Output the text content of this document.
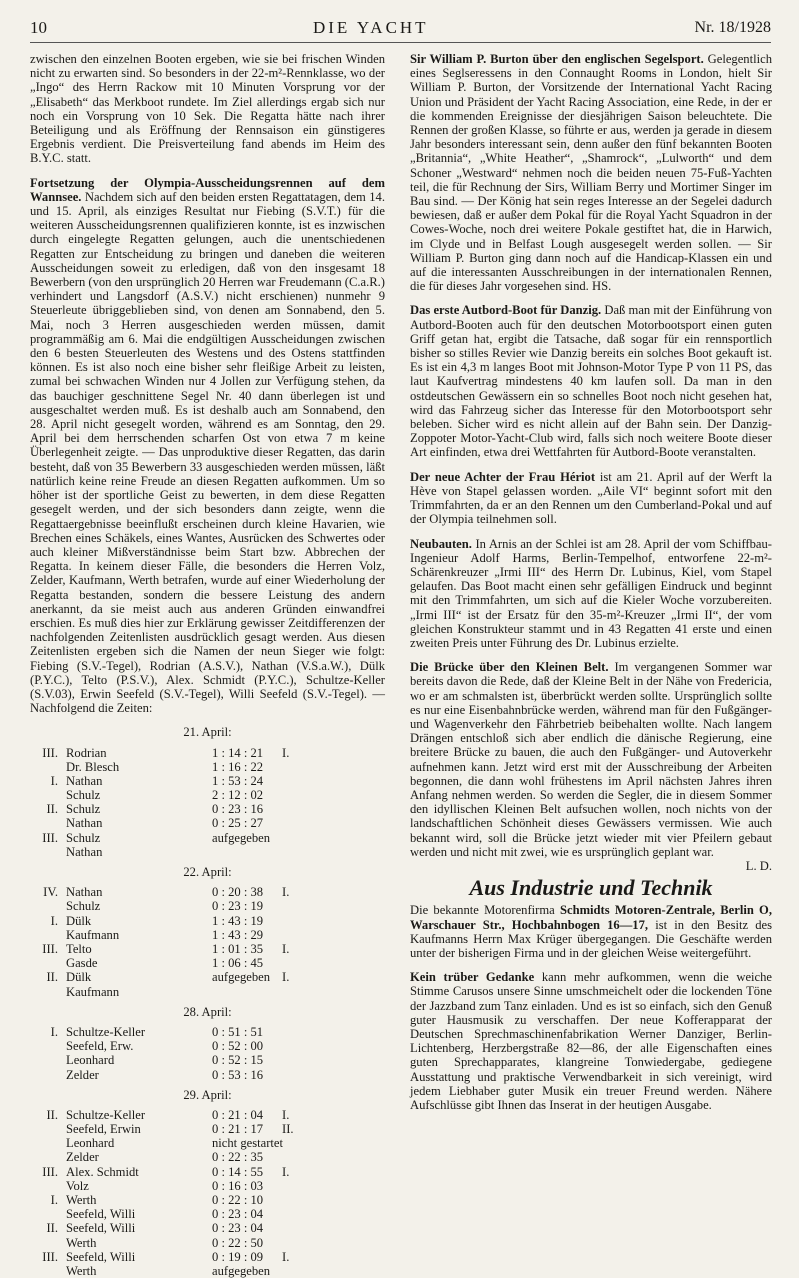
10	DIE YACHT	Nr. 18/1928

zwischen den einzelnen Booten ergeben, wie sie bei frischen Winden nicht zu erwarten sind. So besonders in der 22-m²-Rennklasse, wo der „Ingo“ des Herrn Rackow mit 10 Minuten Vorsprung vor der „Elisabeth“ das Merkboot rundete. Im Ziel allerdings ergab sich nur noch ein Vorsprung von 10 Sek. Die Regatta hätte nach ihrer Beteiligung und als Eröffnung der Rennsaison ein günstigeres Ergebnis verdient. Die Preisverteilung fand abends im Heim des B.Y.C. statt.

Fortsetzung der Olympia-Ausscheidungsrennen auf dem Wannsee. Nachdem sich auf den beiden ersten Regattatagen, dem 14. und 15. April, als einziges Resultat nur Fiebing (S.V.T.) für die weiteren Ausscheidungsrennen qualifizieren konnte, ist es inzwischen durch eingelegte Regatten gelungen, auch die unentschiedenen Regatten zur Entscheidung zu bringen und daneben die weiteren Ausscheidungen soweit zu erledigen, daß von den insgesamt 18 Bewerbern (von den ursprünglich 20 Herren war Freudemann (C.a.R.) verhindert und Langsdorf (A.S.V.) nicht erschienen) nunmehr 9 Steuerleute übriggeblieben sind, von denen am Sonnabend, den 5. Mai, noch 3 Herren ausgeschieden werden müssen, damit programmäßig am 6. Mai die endgültigen Ausscheidungen zwischen den 6 besten Steuerleuten des Westens und des Ostens stattfinden können. Es ist also noch eine bisher sehr fleißige Arbeit zu leisten, zumal bei schwachen Winden nur 4 Jollen zur Verfügung stehen, da das bauchiger geschnittene Segel Nr. 40 dann überlegen ist und ausgeschaltet werden muß. Es ist deshalb auch am Sonnabend, den 28. April nicht gesegelt worden, während es am Sonntag, den 29. April bei dem herrschenden scharfen Ost von etwa 7 m keine Überlegenheit zeigte. — Das unproduktive dieser Regatten, das darin besteht, daß von 35 Bewerbern 33 ausgeschieden werden müssen, läßt natürlich keine reine Freude an diesen Regatten aufkommen. Um so höher ist der sportliche Geist zu bewerten, in dem diese Regatten gesegelt werden, und der sich besonders dann zeigte, wenn die Regattaergebnisse beeinflußt erscheinen durch kleine Havarien, wie Brechen eines Schäkels, eines Wantes, Ausrücken des Schwertes oder auch kleiner Mißverständnisse beim Start bzw. Abbrechen der Regatta. In keinem dieser Fälle, die besonders die Herren Volz, Zelder, Kaufmann, Werth betrafen, wurde auf einer Wiederholung der Regatta bestanden, sondern die bessere Leistung des andern anerkannt, da sie meist auch aus anderen Gründen einwandfrei erschien. Es muß dies hier zur Erklärung gewisser Zeitdifferenzen der nachfolgenden Zeitenlisten ausdrücklich gesagt werden. Aus diesen Zeitenlisten ergeben sich die Namen der neun Sieger wie folgt: Fiebing (S.V.-Tegel), Rodrian (A.S.V.), Nathan (V.S.a.W.), Dülk (P.Y.C.), Telto (P.S.V.), Alex. Schmidt (P.Y.C.), Schultze-Keller (S.V.03), Erwin Seefeld (S.V.-Tegel), Willi Seefeld (S.V.-Tegel). — Nachfolgend die Zeiten:

21. April:
III. Rodrian	1 : 14 : 21	I.
Dr. Blesch	1 : 16 : 22
I. Nathan	1 : 53 : 24
Schulz	2 : 12 : 02
II. Schulz	0 : 23 : 16
Nathan	0 : 25 : 27
III. Schulz	aufgegeben
Nathan
22. April:
IV. Nathan	0 : 20 : 38	I.
Schulz	0 : 23 : 19
I. Dülk	1 : 43 : 19
Kaufmann	1 : 43 : 29
III. Telto	1 : 01 : 35	I.
Gasde	1 : 06 : 45
II. Dülk	aufgegeben I.
Kaufmann
28. April:
I. Schultze-Keller	0 : 51 : 51
Seefeld, Erw.	0 : 52 : 00
Leonhard	0 : 52 : 15
Zelder	0 : 53 : 16
29. April:
II. Schultze-Keller	0 : 21 : 04	I.
Seefeld, Erwin	0 : 21 : 17	II.
Leonhard	nicht gestartet
Zelder	0 : 22 : 35
III. Alex. Schmidt	0 : 14 : 55	I.
Volz	0 : 16 : 03
I. Werth	0 : 22 : 10
Seefeld, Willi	0 : 23 : 04
II. Seefeld, Willi	0 : 23 : 04
Werth	0 : 22 : 50
III. Seefeld, Willi	0 : 19 : 09	I.
Werth	aufgegeben

Sir William P. Burton über den englischen Segelsport. Gelegentlich eines Seglseressens in den Connaught Rooms in London, hielt Sir William P. Burton, der Vorsitzende der International Yacht Racing Union und Präsident der Yacht Racing Association, eine Rede, in der er die kommenden Ereignisse der diesjährigen Saison beleuchtete. Die Rennen der großen Klasse, so führte er aus, werden ja gerade in diesem Jahr besonders interessant sein, denn außer den fünf bekannten Booten „Britannia“, „White Heather“, „Shamrock“, „Lulworth“ und dem Schoner „Westward“ nehmen noch die beiden neuen 75-Fuß-Yachten teil, die für Rechnung der Sirs, William Berry und Mortimer Singer im Bau sind. — Der König hat sein reges Interesse an der Segelei dadurch bewiesen, daß er außer dem Pokal für die Royal Yacht Squadron in der Cowes-Woche, noch drei weitere Pokale gestiftet hat, die in Harwich, im Clyde und in Belfast Lough ausgesegelt werden sollen. — Sir William P. Burton ging dann noch auf die Handicap-Klassen ein und auf die interessanten Ausschreibungen in der internationalen Rennen, die für dieses Jahr vorgesehen sind. HS.

Das erste Autbord-Boot für Danzig. Daß man mit der Einführung von Autbord-Booten auch für den deutschen Motorbootsport einen guten Griff getan hat, ergibt die Tatsache, daß sogar für ein rennsportlich bisher so stilles Revier wie Danzig bereits ein solches Boot gekauft ist. Es ist ein 4,3 m langes Boot mit Johnson-Motor Type P von 11 PS, das laut Kaufvertrag mindestens 40 km laufen soll. Da man in den ostdeutschen Gewässern ein so schnelles Boot noch nicht gesehen hat, wird das Fahrzeug sicher das Interesse für den Motorbootsport sehr beleben. Sicher wird es nicht allein auf der Bahn sein. Der Danzig-Zoppoter Motor-Yacht-Club wird, falls sich noch weitere Boote dieser Art einfinden, etwa drei Wettfahrten für Autbord-Boote veranstalten.

Der neue Achter der Frau Hériot ist am 21. April auf der Werft la Hève von Stapel gelassen worden. „Aile VI“ beginnt sofort mit den Trimmfahrten, da er an den Rennen um den Cumberland-Pokal und auf der Olympia teilnehmen soll.

Neubauten. In Arnis an der Schlei ist am 28. April der vom Schiffbau-Ingenieur Adolf Harms, Berlin-Tempelhof, entworfene 22-m²-Schärenkreuzer „Irmi III“ des Herrn Dr. Lubinus, Kiel, vom Stapel gelaufen. Das Boot macht einen sehr gefälligen Eindruck und beginnt mit den Trimmfahrten, um sich auf die Kieler Woche vorzubereiten. „Irmi III“ ist der Ersatz für den 35-m²-Kreuzer „Irmi II“, der vom gleichen Konstrukteur stammt und in 43 Regatten 41 erste und einen zweiten Preis unter Führung des Dr. Lubinus erzielte.

Die Brücke über den Kleinen Belt. Im vergangenen Sommer war bereits davon die Rede, daß der Kleine Belt in der Nähe von Fredericia, wo er am schmalsten ist, überbrückt werden sollte. Ursprünglich sollte es nur eine Eisenbahnbrücke werden, während man für den Fußgänger- und Wagenverkehr den Fährbetrieb beibehalten wollte. Nach langem Drängen entschloß sich aber endlich die dänische Regierung, eine breitere Brücke zu bauen, die auch den Fußgänger- und Autoverkehr aufnehmen kann. Jetzt wird erst mit der Ausschreibung der Arbeiten begonnen, die dann wohl frühestens im April nächsten Jahres ihren Anfang nehmen werden. So werden die Segler, die in diesem Sommer den idyllischen Kleinen Belt aufsuchen wollen, noch nichts von der landschaftlichen Schönheit dieses Gewässers vermissen. Wie auch bekannt wird, soll die Brücke jetzt wieder mit vier Pfeilern gebaut werden und nicht mit zwei, wie es ursprünglich geplant war.

L. D.
Aus Industrie und Technik

Die bekannte Motorenfirma Schmidts Motoren-Zentrale, Berlin O, Warschauer Str., Hochbahnbogen 16—17, ist in den Besitz des Kaufmanns Herrn Max Krüger übergegangen. Die Geschäfte werden unter der bisherigen Firma und in der gleichen Weise weitergeführt.

Kein trüber Gedanke kann mehr aufkommen, wenn die weiche Stimme Carusos unsere Sinne umschmeichelt oder die lockenden Töne der Jazzband zum Tanz einladen. Und es ist so einfach, sich den Genuß guter Hausmusik zu verschaffen. Der neue Kofferapparat der Deutschen Sprechmaschinenfabrikation Werner Danziger, Berlin-Lichtenberg, Herzbergstraße 82—86, der alle Eigenschaften eines guten Sprechapparates, klangreine Tonwiedergabe, gediegene Ausstattung und praktische Verwendbarkeit in sich vereinigt, wird jedem Liebhaber guter Musik ein treuer Freund werden. Nähere Aufschlüsse gibt Ihnen das Inserat in der heutigen Ausgabe.
